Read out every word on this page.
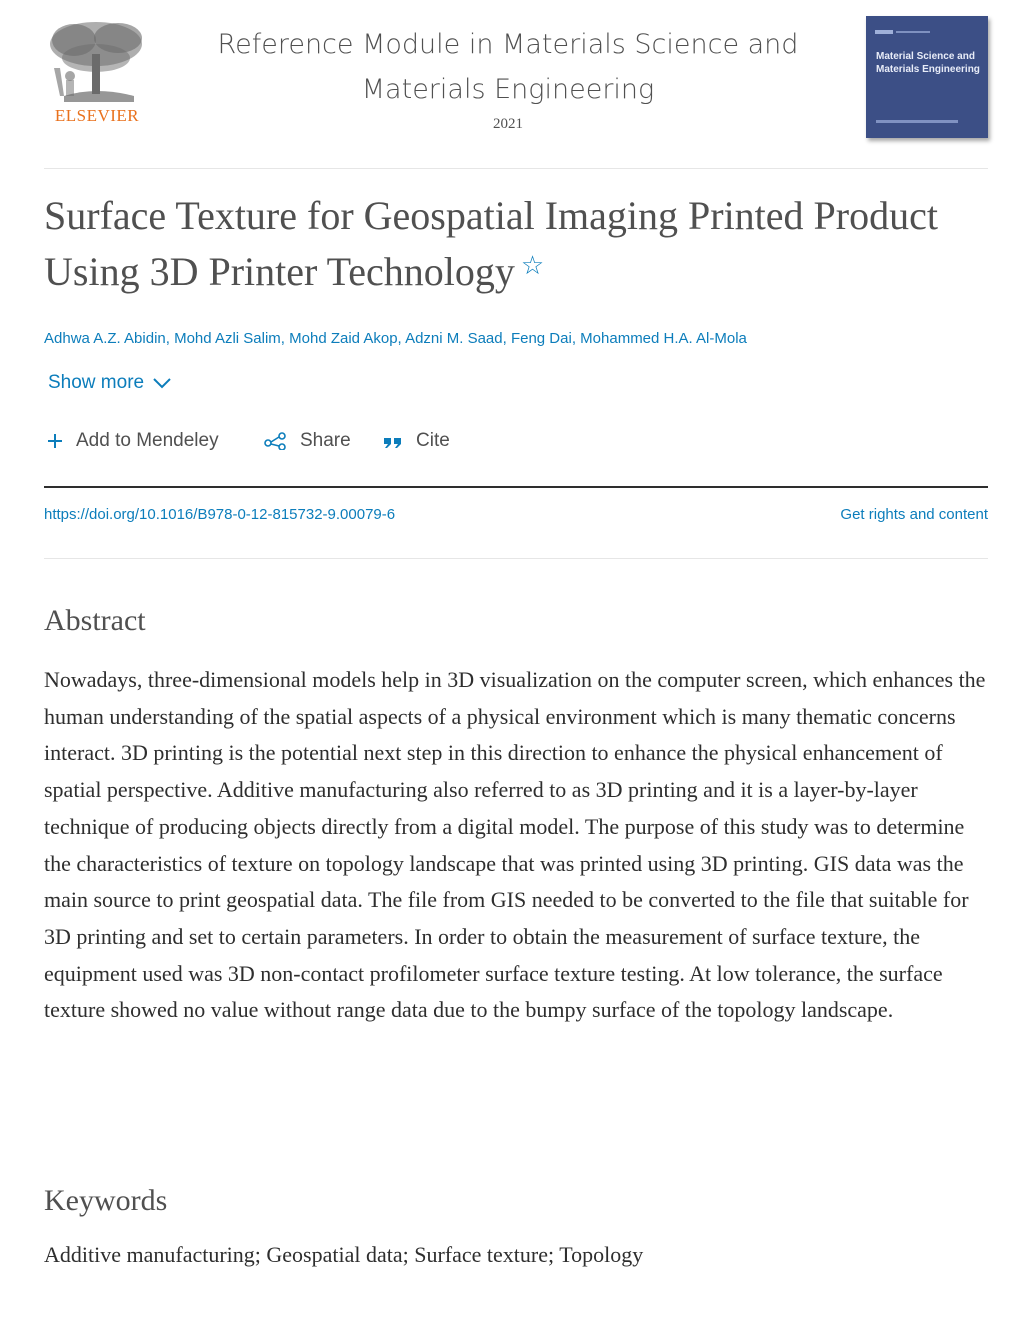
ELSEVIER
Reference Module in Materials Science and Materials Engineering
2021
Material Science and Materials Engineering
Surface Texture for Geospatial Imaging Printed Product Using 3D Printer Technology ☆
Adhwa A.Z. Abidin, Mohd Azli Salim, Mohd Zaid Akop, Adzni M. Saad, Feng Dai, Mohammed H.A. Al-Mola
Show more
Add to Mendeley	Share	Cite
https://doi.org/10.1016/B978-0-12-815732-9.00079-6	Get rights and content
Abstract

Nowadays, three-dimensional models help in 3D visualization on the computer screen, which enhances the human understanding of the spatial aspects of a physical environment which is many thematic concerns interact. 3D printing is the potential next step in this direction to enhance the physical enhancement of spatial perspective. Additive manufacturing also referred to as 3D printing and it is a layer-by-layer technique of producing objects directly from a digital model. The purpose of this study was to determine the characteristics of texture on topology landscape that was printed using 3D printing. GIS data was the main source to print geospatial data. The file from GIS needed to be converted to the file that suitable for 3D printing and set to certain parameters. In order to obtain the measurement of surface texture, the equipment used was 3D non-contact profilometer surface texture testing. At low tolerance, the surface texture showed no value without range data due to the bumpy surface of the topology landscape.

Keywords
Additive manufacturing; Geospatial data; Surface texture; Topology
